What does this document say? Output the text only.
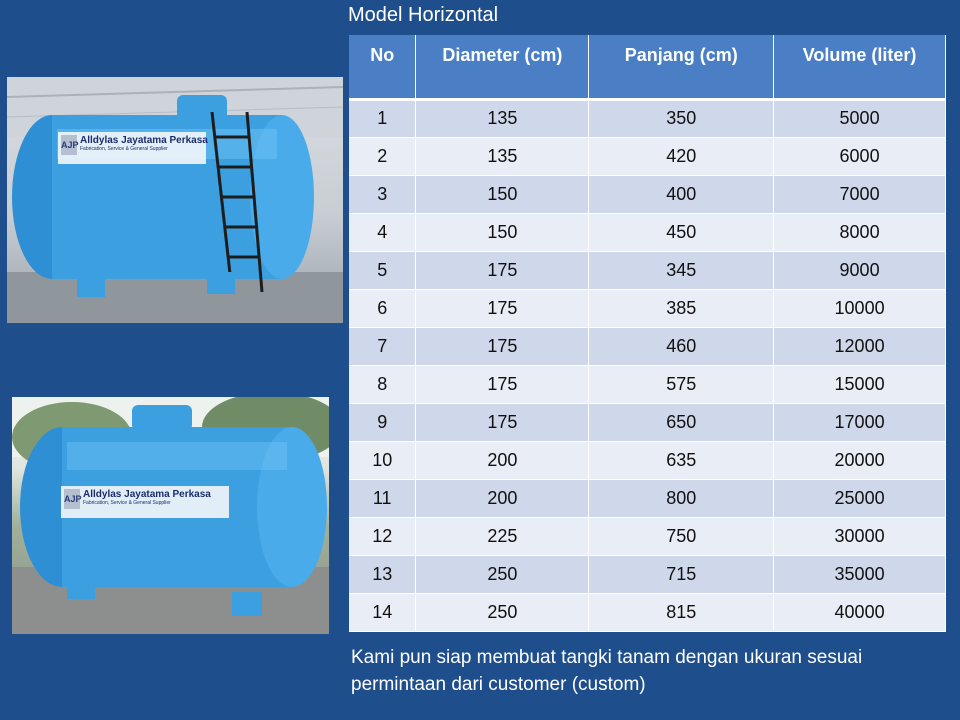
Model Horizontal
AJP Alldylas Jayatama Perkasa
Fabrication, Service & General Supplier
AJP Alldylas Jayatama Perkasa
Fabrication, Service & General Supplier
No	Diameter (cm)	Panjang (cm)	Volume (liter)
1	135	350	5000
2	135	420	6000
3	150	400	7000
4	150	450	8000
5	175	345	9000
6	175	385	10000
7	175	460	12000
8	175	575	15000
9	175	650	17000
10	200	635	20000
11	200	800	25000
12	225	750	30000
13	250	715	35000
14	250	815	40000
Kami pun siap membuat tangki tanam dengan ukuran sesuai permintaan dari customer (custom)
